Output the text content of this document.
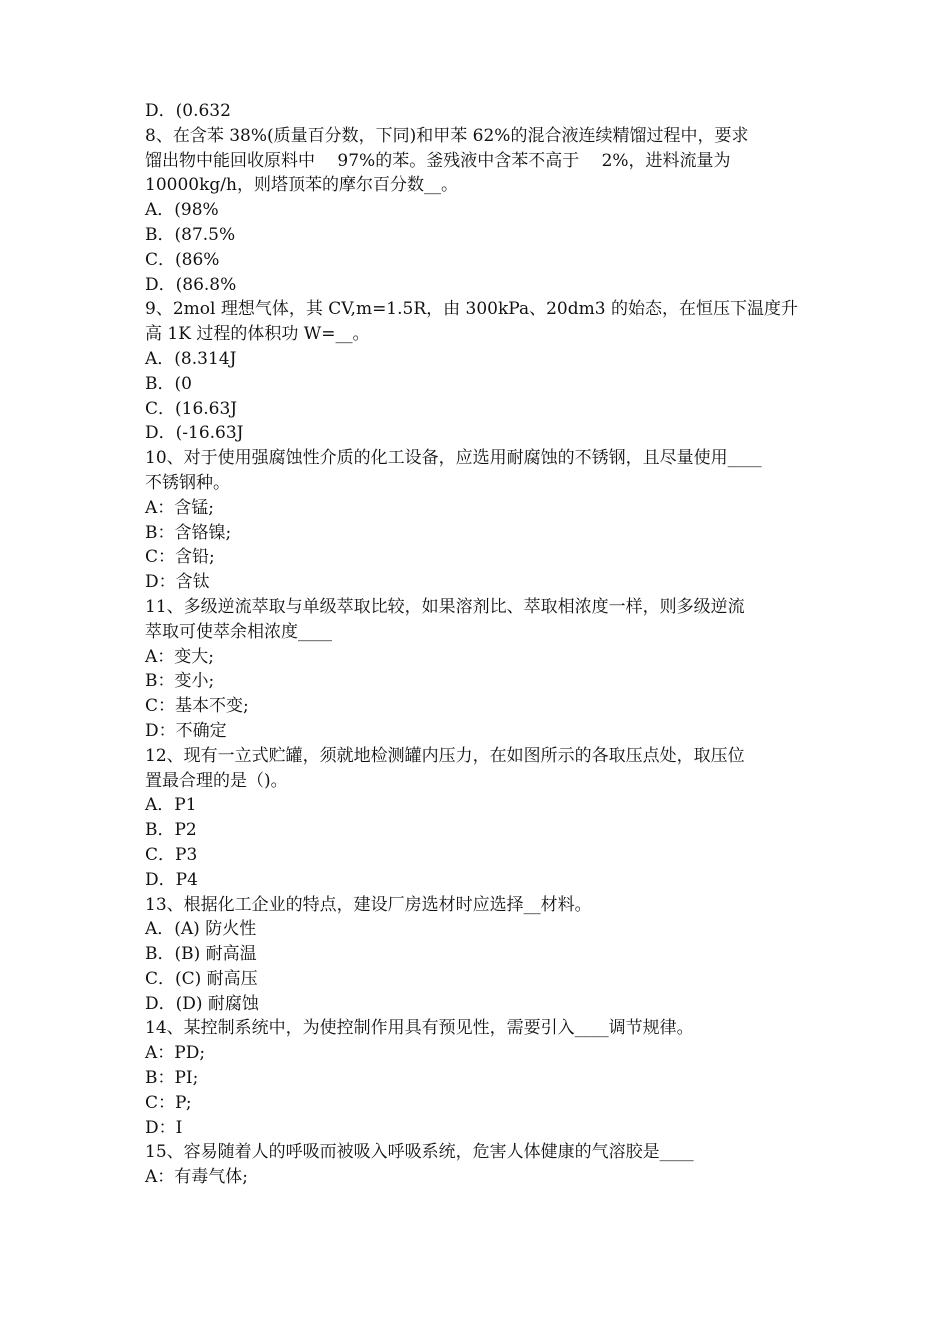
D．(0.632
8、在含苯 38%(质量百分数，下同)和甲苯 62%的混合液连续精馏过程中，要求
馏出物中能回收原料中　 97%的苯。釜残液中含苯不高于　 2%，进料流量为
10000kg/h，则塔顶苯的摩尔百分数__。
A．(98%
B．(87.5%
C．(86%
D．(86.8%
9、2mol 理想气体，其 CV,m=1.5R，由 300kPa、20dm3 的始态，在恒压下温度升
高 1K 过程的体积功 W=__。
A．(8.314J
B．(0
C．(16.63J
D．(-16.63J
10、对于使用强腐蚀性介质的化工设备，应选用耐腐蚀的不锈钢，且尽量使用____
不锈钢种。
A：含锰;
B：含铬镍;
C：含铅;
D：含钛
11、多级逆流萃取与单级萃取比较，如果溶剂比、萃取相浓度一样，则多级逆流
萃取可使萃余相浓度____
A：变大;
B：变小;
C：基本不变;
D：不确定
12、现有一立式贮罐，须就地检测罐内压力，在如图所示的各取压点处，取压位
置最合理的是（)。
A．P1
B．P2
C．P3
D．P4
13、根据化工企业的特点，建设厂房选材时应选择__材料。
A．(A) 防火性
B．(B) 耐高温
C．(C) 耐高压
D．(D) 耐腐蚀
14、某控制系统中，为使控制作用具有预见性，需要引入____调节规律。
A：PD;
B：PI;
C：P;
D：I
15、容易随着人的呼吸而被吸入呼吸系统，危害人体健康的气溶胶是____
A：有毒气体;
